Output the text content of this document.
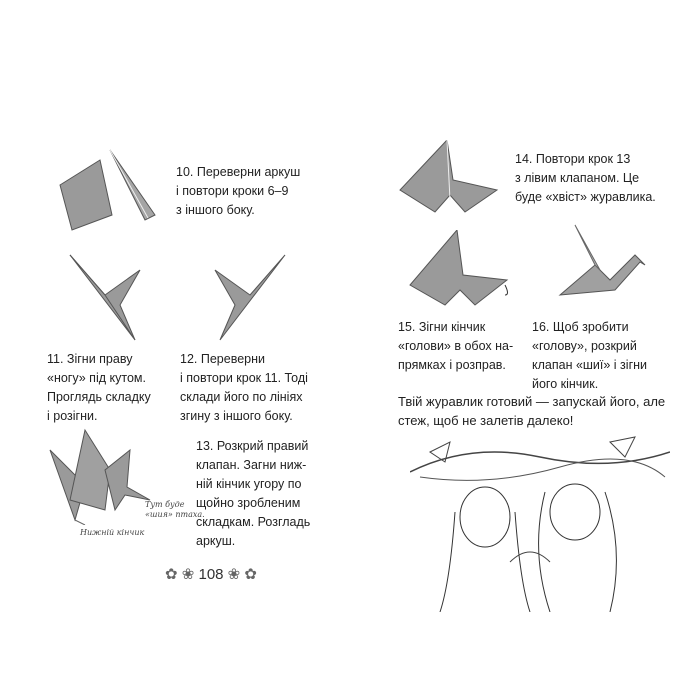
10. Переверни аркуш
і повтори кроки 6–9
з іншого боку.
11. Зігни праву
«ногу» під кутом.
Проглядь складку
і розігни.
12. Переверни
і повтори крок 11. Тоді
склади його по лініях
згину з іншого боку.
Тут буде
«шия» птаха.
Нижній кінчик
13. Розкрий правий
клапан. Загни ниж-
ній кінчик угору по
щойно зробленим
складкам. Розгладь
аркуш.
✿ ❀ 108 ❀ ✿
14. Повтори крок 13
з лівим клапаном. Це
буде «хвіст» журавлика.
15. Зігни кінчик
«голови» в обох на-
прямках і розправ.
16. Щоб зробити
«голову», розкрий
клапан «шиї» і зігни
його кінчик.
Твій журавлик готовий — запускай його, але
стеж, щоб не залетів далеко!
